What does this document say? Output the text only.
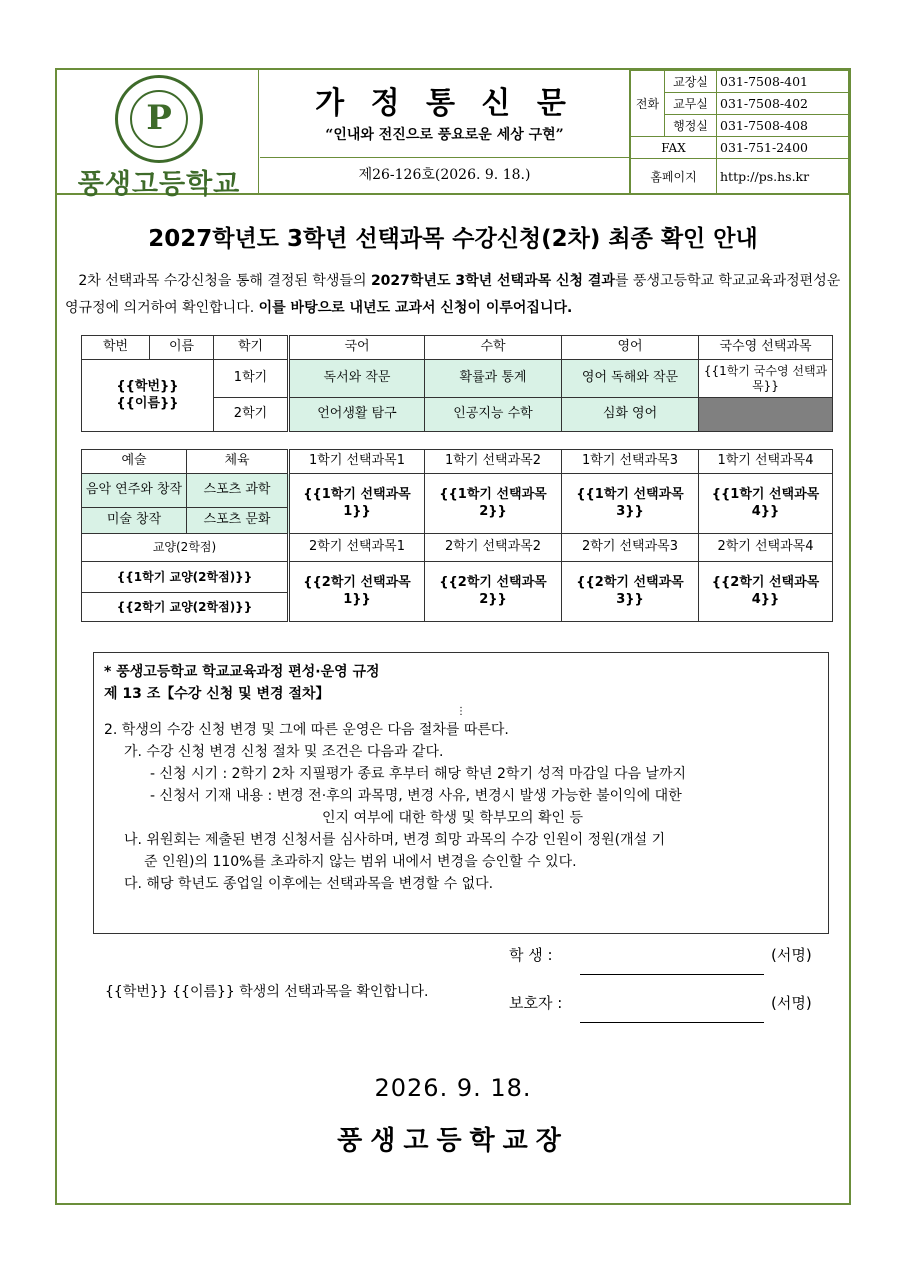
P
풍생고등학교
가 정 통 신 문
“인내와 전진으로 풍요로운 세상 구현”
제26-126호(2026. 9. 18.)
전화	교장실	031-7508-401
	교무실	031-7508-402
	행정실	031-7508-408
FAX		031-751-2400
홈페이지		http://ps.hs.kr
2027학년도 3학년 선택과목 수강신청(2차) 최종 확인 안내
2차 선택과목 수강신청을 통해 결정된 학생들의 2027학년도 3학년 선택과목 신청 결과를 풍생고등학교 학교교육과정편성운영규정에 의거하여 확인합니다. 이를 바탕으로 내년도 교과서 신청이 이루어집니다.
학번	이름	학기	국어	수학	영어	국수영 선택과목

{{학번}}
{{이름}}		1학기	독서와 작문	확률과 통계	영어 독해와 작문	{{1학기 국수영 선택과목}}
		2학기	언어생활 탐구	인공지능 수학	심화 영어	
예술	체육	1학기 선택과목1	1학기 선택과목2	1학기 선택과목3	1학기 선택과목4
음악 연주와 창작	스포츠 과학	{{1학기 선택과목1}}	{{1학기 선택과목2}}	{{1학기 선택과목3}}	{{1학기 선택과목4}}
미술 창작	스포츠 문화				
교양(2학점)		2학기 선택과목1	2학기 선택과목2	2학기 선택과목3	2학기 선택과목4
{{1학기 교양(2학점)}}		{{2학기 선택과목1}}	{{2학기 선택과목2}}	{{2학기 선택과목3}}	{{2학기 선택과목4}}
{{2학기 교양(2학점)}}					

* 풍생고등학교 학교교육과정 편성·운영 규정

제 13 조【수강 신청 및 변경 절차】

⋮

2. 학생의 수강 신청 변경 및 그에 따른 운영은 다음 절차를 따른다.

가. 수강 신청 변경 신청 절차 및 조건은 다음과 같다.

- 신청 시기 : 2학기 2차 지필평가 종료 후부터 해당 학년 2학기 성적 마감일 다음 날까지

- 신청서 기재 내용 : 변경 전·후의 과목명, 변경 사유, 변경시 발생 가능한 불이익에 대한

인지 여부에 대한 학생 및 학부모의 확인 등

나. 위원회는 제출된 변경 신청서를 심사하며, 변경 희망 과목의 수강 인원이 정원(개설 기

준 인원)의 110%를 초과하지 않는 범위 내에서 변경을 승인할 수 있다.

다. 해당 학년도 종업일 이후에는 선택과목을 변경할 수 없다.

{{학번}} {{이름}} 학생의 선택과목을 확인합니다.
학 생 :	(서명)
보호자 :	(서명)
2026. 9. 18.
풍생고등학교장
